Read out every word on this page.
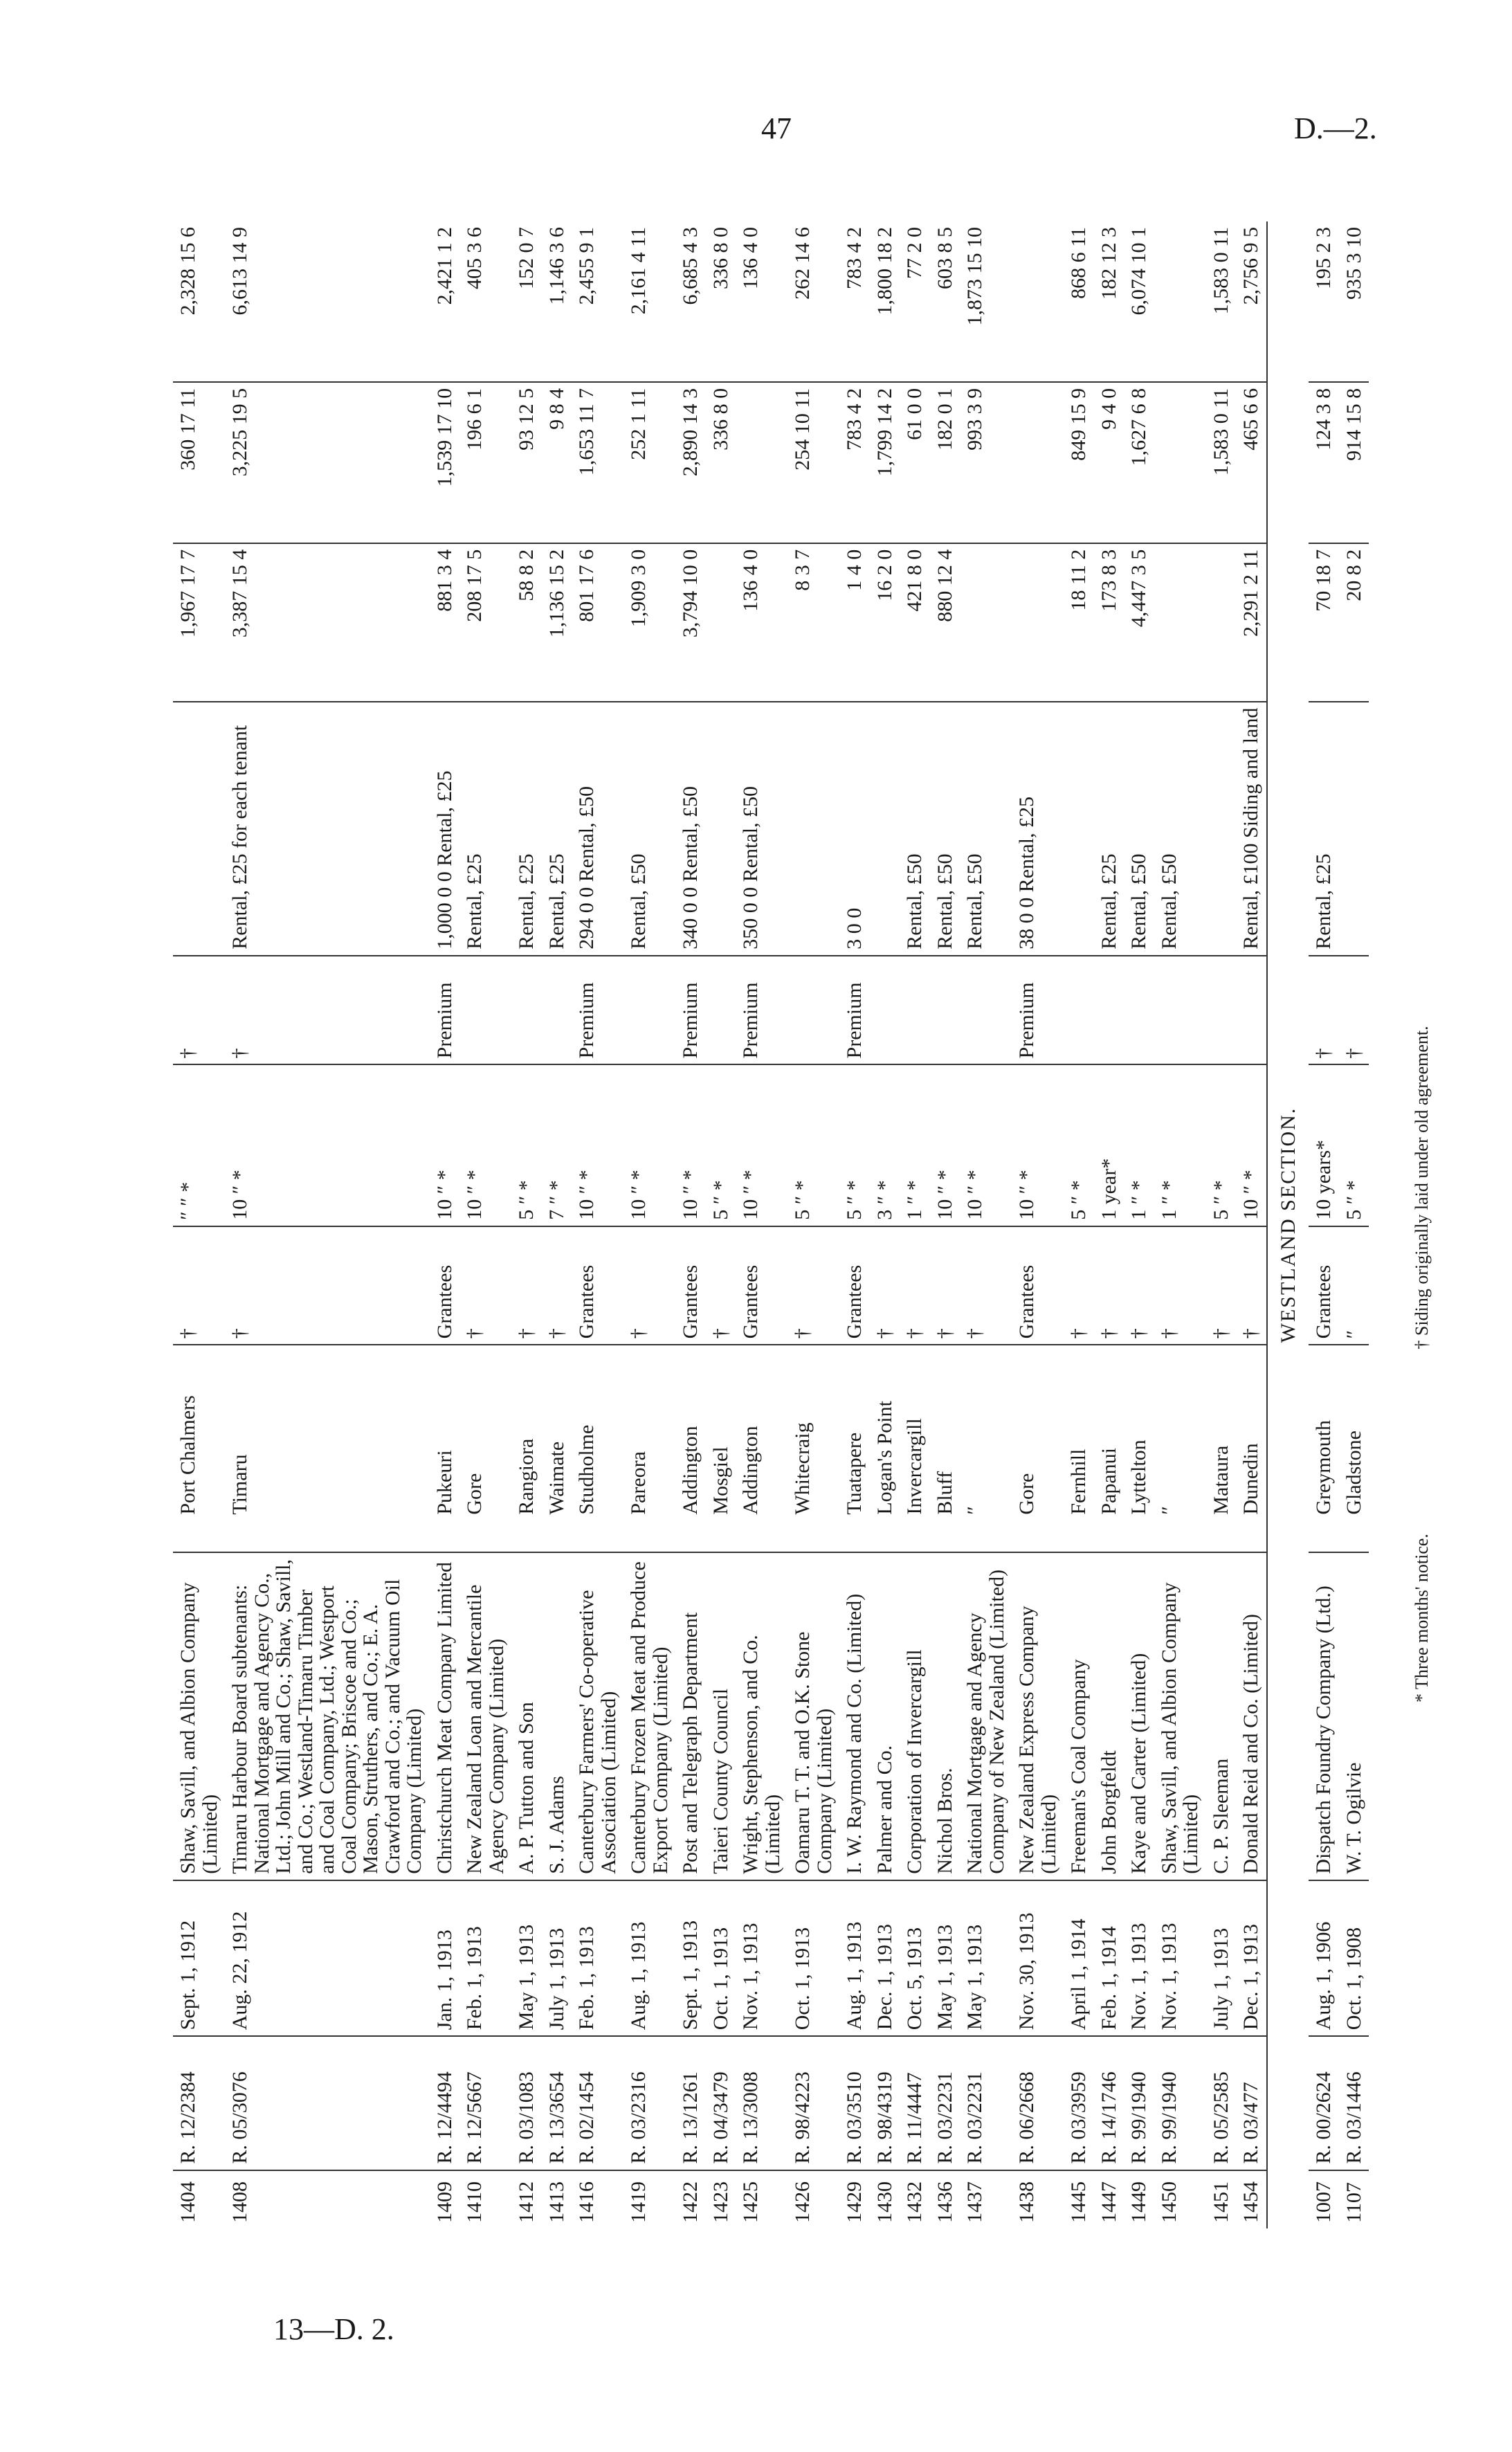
47	D.—2.
13—D. 2.
1404	R. 12/2384	Sept. 1, 1912	Shaw, Savill, and Albion Company (Limited)		Port Chalmers	†	″ ″ *	†		1,967 17 7	360 17 11	2,328 15 6
1408	R. 05/3076	Aug. 22, 1912	Timaru Harbour Board subtenants: National Mortgage and Agency Co., Ltd.; John Mill and Co.; Shaw, Savill, and Co.; Westland-Timaru Timber and Coal Company, Ltd.; Westport Coal Company; Briscoe and Co.; Mason, Struthers, and Co.; E. A. Crawford and Co.; and Vacuum Oil Company (Limited)		Timaru	†	10 ″ *	†	Rental, £25 for each tenant	3,387 15 4	3,225 19 5	6,613 14 9
1409	R. 12/4494	Jan. 1, 1913	Christchurch Meat Company Limited		Pukeuri	Grantees	10 ″ *	Premium	1,000 0 0 Rental, £25	881 3 4	1,539 17 10	2,421 1 2
1410	R. 12/5667	Feb. 1, 1913	New Zealand Loan and Mercantile Agency Company (Limited)		Gore	†	10 ″ *		Rental, £25	208 17 5	196 6 1	405 3 6
1412	R. 03/1083	May 1, 1913	A. P. Tutton and Son		Rangiora	†	5 ″ *		Rental, £25	58 8 2	93 12 5	152 0 7
1413	R. 13/3654	July 1, 1913	S. J. Adams		Waimate	†	7 ″ *		Rental, £25	1,136 15 2	9 8 4	1,146 3 6
1416	R. 02/1454	Feb. 1, 1913	Canterbury Farmers' Co-operative Association (Limited)		Studholme	Grantees	10 ″ *	Premium	294 0 0 Rental, £50	801 17 6	1,653 11 7	2,455 9 1
1419	R. 03/2316	Aug. 1, 1913	Canterbury Frozen Meat and Produce Export Company (Limited)		Pareora	†	10 ″ *		Rental, £50	1,909 3 0	252 1 11	2,161 4 11
1422	R. 13/1261	Sept. 1, 1913	Post and Telegraph Department		Addington	Grantees	10 ″ *	Premium	340 0 0 Rental, £50	3,794 10 0	2,890 14 3	6,685 4 3
1423	R. 04/3479	Oct. 1, 1913	Taieri County Council		Mosgiel	†	5 ″ *				336 8 0	336 8 0
1425	R. 13/3008	Nov. 1, 1913	Wright, Stephenson, and Co. (Limited)		Addington	Grantees	10 ″ *	Premium	350 0 0 Rental, £50	136 4 0		136 4 0
1426	R. 98/4223	Oct. 1, 1913	Oamaru T. T. and O.K. Stone Company (Limited)		Whitecraig	†	5 ″ *			8 3 7	254 10 11	262 14 6
1429	R. 03/3510	Aug. 1, 1913	I. W. Raymond and Co. (Limited)		Tuatapere	Grantees	5 ″ *	Premium	3 0 0	1 4 0	783 4 2	783 4 2
1430	R. 98/4319	Dec. 1, 1913	Palmer and Co.		Logan's Point	†	3 ″ *			16 2 0	1,799 14 2	1,800 18 2
1432	R. 11/4447	Oct. 5, 1913	Corporation of Invercargill		Invercargill	†	1 ″ *		Rental, £50	421 8 0	61 0 0	77 2 0
1436	R. 03/2231	May 1, 1913	Nichol Bros.		Bluff	†	10 ″ *		Rental, £50	880 12 4	182 0 1	603 8 5
1437	R. 03/2231	May 1, 1913	National Mortgage and Agency Company of New Zealand (Limited)		″	†	10 ″ *		Rental, £50		993 3 9	1,873 15 10
1438	R. 06/2668	Nov. 30, 1913	New Zealand Express Company (Limited)		Gore	Grantees	10 ″ *	Premium	38 0 0 Rental, £25			
1445	R. 03/3959	April 1, 1914	Freeman's Coal Company		Fernhill	†	5 ″ *			18 11 2	849 15 9	868 6 11
1447	R. 14/1746	Feb. 1, 1914	John Borgfeldt		Papanui	†	1 year*		Rental, £25	173 8 3	9 4 0	182 12 3
1449	R. 99/1940	Nov. 1, 1913	Kaye and Carter (Limited)		Lyttelton	†	1 ″ *		Rental, £50	4,447 3 5	1,627 6 8	6,074 10 1
1450	R. 99/1940	Nov. 1, 1913	Shaw, Savill, and Albion Company (Limited)		″	†	1 ″ *		Rental, £50			
1451	R. 05/2585	July 1, 1913	C. P. Sleeman		Mataura	†	5 ″ *				1,583 0 11	1,583 0 11
1454	R. 03/477	Dec. 1, 1913	Donald Reid and Co. (Limited)		Dunedin	†	10 ″ *		Rental, £100 Siding and land	2,291 2 11	465 6 6	2,756 9 5
WESTLAND SECTION.												
1007	R. 00/2624	Aug. 1, 1906	Dispatch Foundry Company (Ltd.)		Greymouth	Grantees	10 years*	†	Rental, £25	70 18 7	124 3 8	195 2 3
1107	R. 03/1446	Oct. 1, 1908	W. T. Ogilvie		Gladstone	″	5 ″ *	†		20 8 2	914 15 8	935 3 10
* Three months' notice. † Siding originally laid under old agreement.
